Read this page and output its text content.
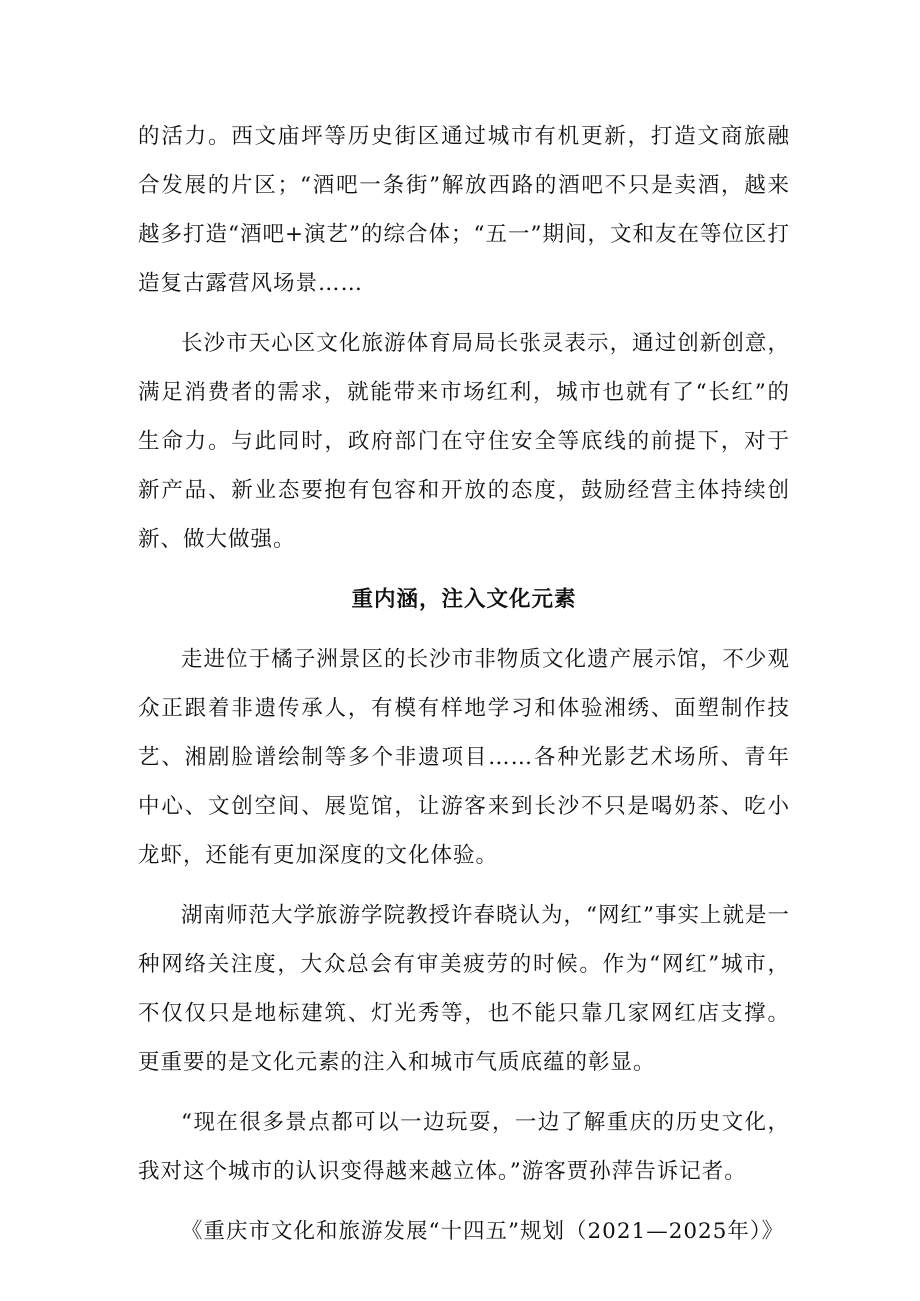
的活力。西文庙坪等历史街区通过城市有机更新，打造文商旅融合发展的片区；“酒吧一条街”解放西路的酒吧不只是卖酒，越来越多打造“酒吧+演艺”的综合体；“五一”期间，文和友在等位区打造复古露营风场景……

长沙市天心区文化旅游体育局局长张灵表示，通过创新创意，满足消费者的需求，就能带来市场红利，城市也就有了“长红”的生命力。与此同时，政府部门在守住安全等底线的前提下，对于新产品、新业态要抱有包容和开放的态度，鼓励经营主体持续创新、做大做强。

重内涵，注入文化元素

走进位于橘子洲景区的长沙市非物质文化遗产展示馆，不少观众正跟着非遗传承人，有模有样地学习和体验湘绣、面塑制作技艺、湘剧脸谱绘制等多个非遗项目……各种光影艺术场所、青年中心、文创空间、展览馆，让游客来到长沙不只是喝奶茶、吃小龙虾，还能有更加深度的文化体验。

湖南师范大学旅游学院教授许春晓认为，“网红”事实上就是一种网络关注度，大众总会有审美疲劳的时候。作为“网红”城市，不仅仅只是地标建筑、灯光秀等，也不能只靠几家网红店支撑。更重要的是文化元素的注入和城市气质底蕴的彰显。

“现在很多景点都可以一边玩耍，一边了解重庆的历史文化，我对这个城市的认识变得越来越立体。”游客贾孙萍告诉记者。

《重庆市文化和旅游发展“十四五”规划（2021—2025年）》
